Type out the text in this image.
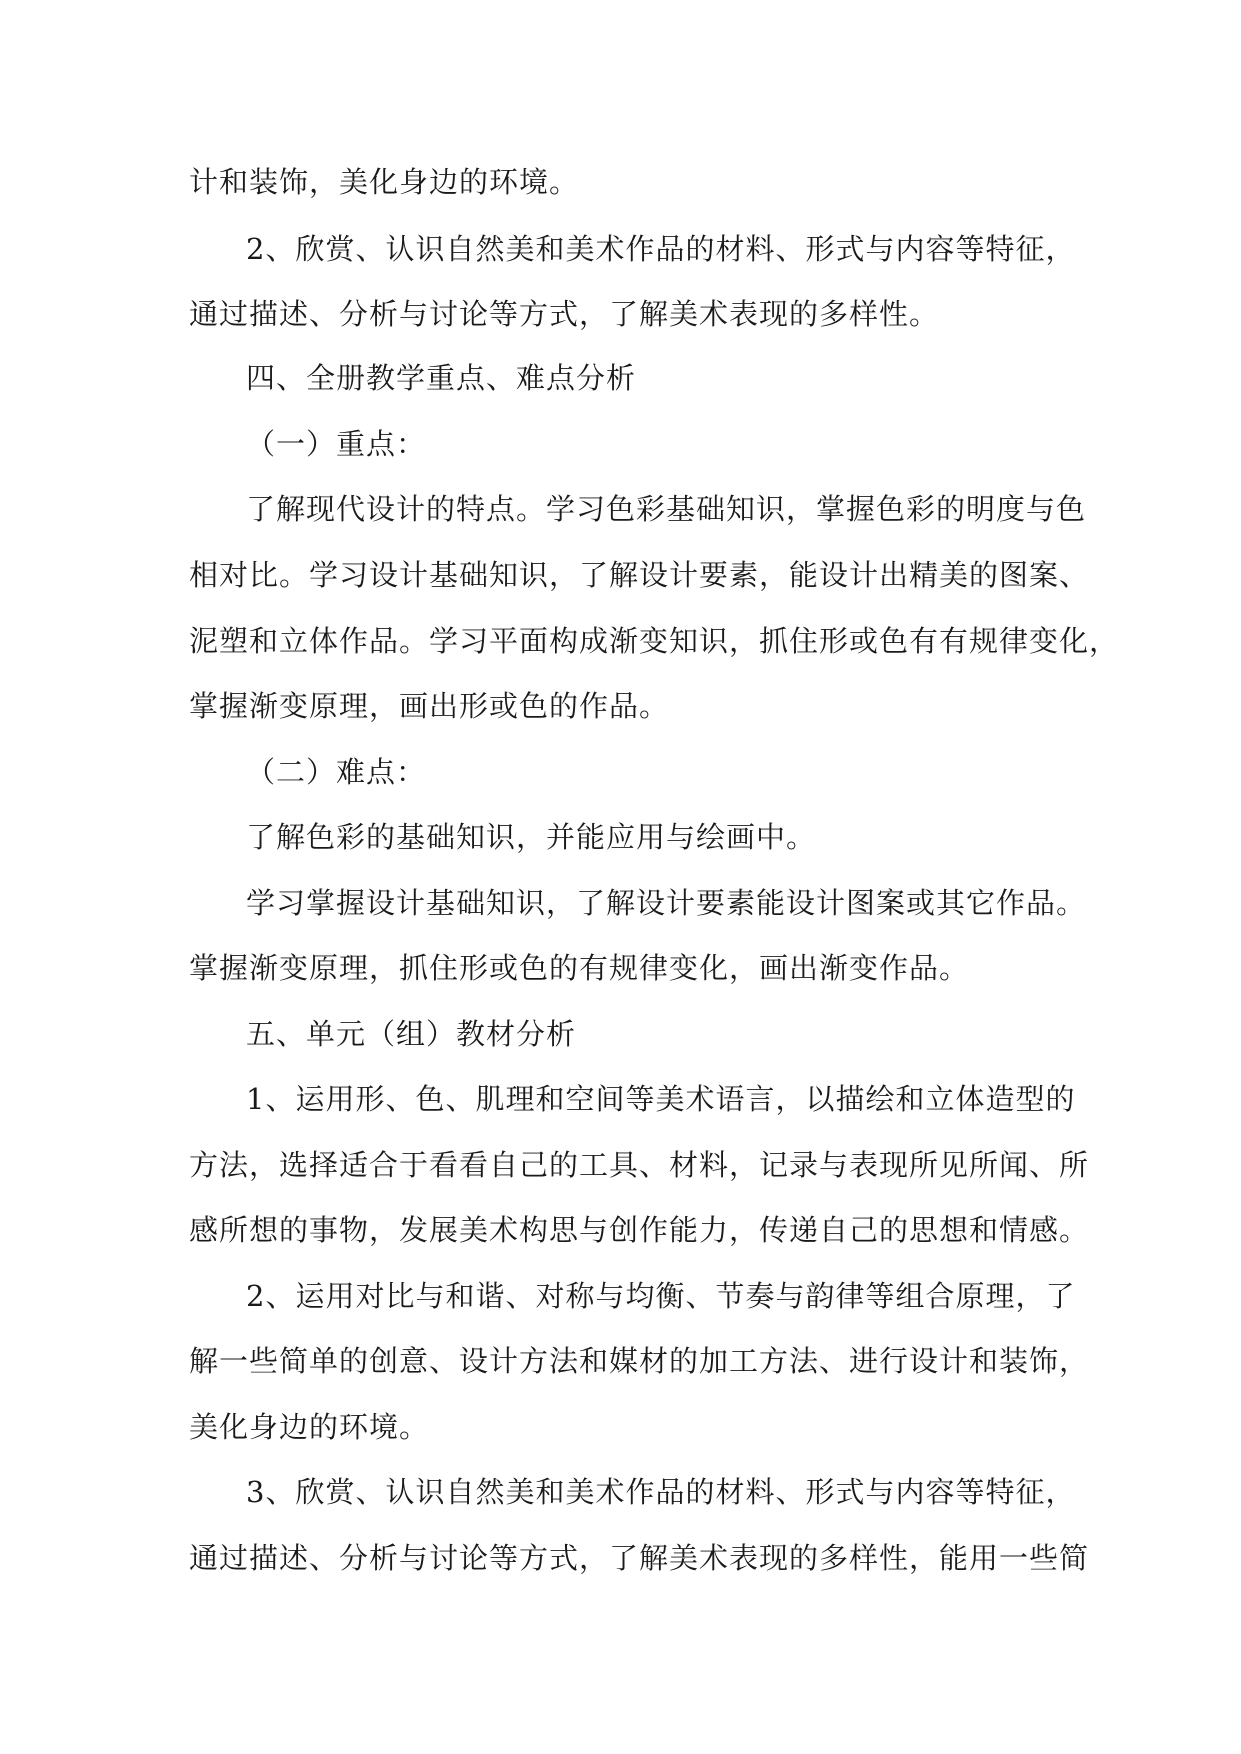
计和装饰，美化身边的环境。
2、欣赏、认识自然美和美术作品的材料、形式与内容等特征，
通过描述、分析与讨论等方式，了解美术表现的多样性。
四、全册教学重点、难点分析
（一）重点：
了解现代设计的特点。学习色彩基础知识，掌握色彩的明度与色
相对比。学习设计基础知识，了解设计要素，能设计出精美的图案、
泥塑和立体作品。学习平面构成渐变知识，抓住形或色有有规律变化，
掌握渐变原理，画出形或色的作品。
（二）难点：
了解色彩的基础知识，并能应用与绘画中。
学习掌握设计基础知识，了解设计要素能设计图案或其它作品。
掌握渐变原理，抓住形或色的有规律变化，画出渐变作品。
五、单元（组）教材分析
1、运用形、色、肌理和空间等美术语言，以描绘和立体造型的
方法，选择适合于看看自己的工具、材料，记录与表现所见所闻、所
感所想的事物，发展美术构思与创作能力，传递自己的思想和情感。
2、运用对比与和谐、对称与均衡、节奏与韵律等组合原理，了
解一些简单的创意、设计方法和媒材的加工方法、进行设计和装饰，
美化身边的环境。
3、欣赏、认识自然美和美术作品的材料、形式与内容等特征，
通过描述、分析与讨论等方式，了解美术表现的多样性，能用一些简
